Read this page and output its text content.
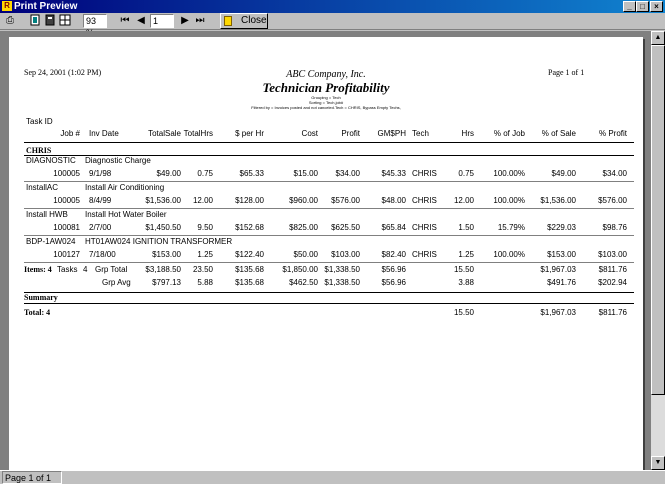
R Print Preview	_	□	×
⎙	93	⏮ ◀ 1	▶ ⏭	Close
Sep 24, 2001 (1:02 PM)	ABC Company, Inc.
Technician Profitability
Page 1 of 1
Grouping = Tech
Sorting = Tech,job#
Filtered by = Invoices posted and not canceled.Tech = CHRIS, Bypass Empty Techs,
Task ID
Job # Inv Date	TotalSale TotalHrs	$ per Hr	Cost	Profit GM$PH Tech	Hrs % of Job % of Sale	% Profit
CHRIS
DIAGNOSTIC Diagnostic Charge
100005 9/1/98	$49.00 0.75	$65.33	$15.00 $34.00	$45.33 CHRIS	0.75 100.00%	$49.00	$34.00
InstallAC	Install Air Conditioning
100005 8/4/99	$1,536.00 12.00	$128.00	$960.00 $576.00	$48.00 CHRIS 12.00 100.00% $1,536.00	$576.00
Install HWB Install Hot Water Boiler
100081 2/7/00	$1,450.50 9.50	$152.68	$825.00 $625.50	$65.84 CHRIS	1.50	15.79%	$229.03	$98.76
BDP-1AW024 HT01AW024 IGNITION TRANSFORMER
100127 7/18/00	$153.00 1.25	$122.40	$50.00 $103.00	$82.40 CHRIS	1.25 100.00%	$153.00	$103.00
Items: 4 Tasks 4 Grp Total $3,188.50 23.50	$135.68 $1,850.00 $1,338.50	$56.96	15.50	$1,967.03	$811.76
Grp Avg	$797.13 5.88	$135.68	$462.50 $1,338.50	$56.96	3.88	$491.76	$202.94
Summary
Total: 4	15.50	$1,967.03	$811.76
▲
▼
Page 1 of 1
